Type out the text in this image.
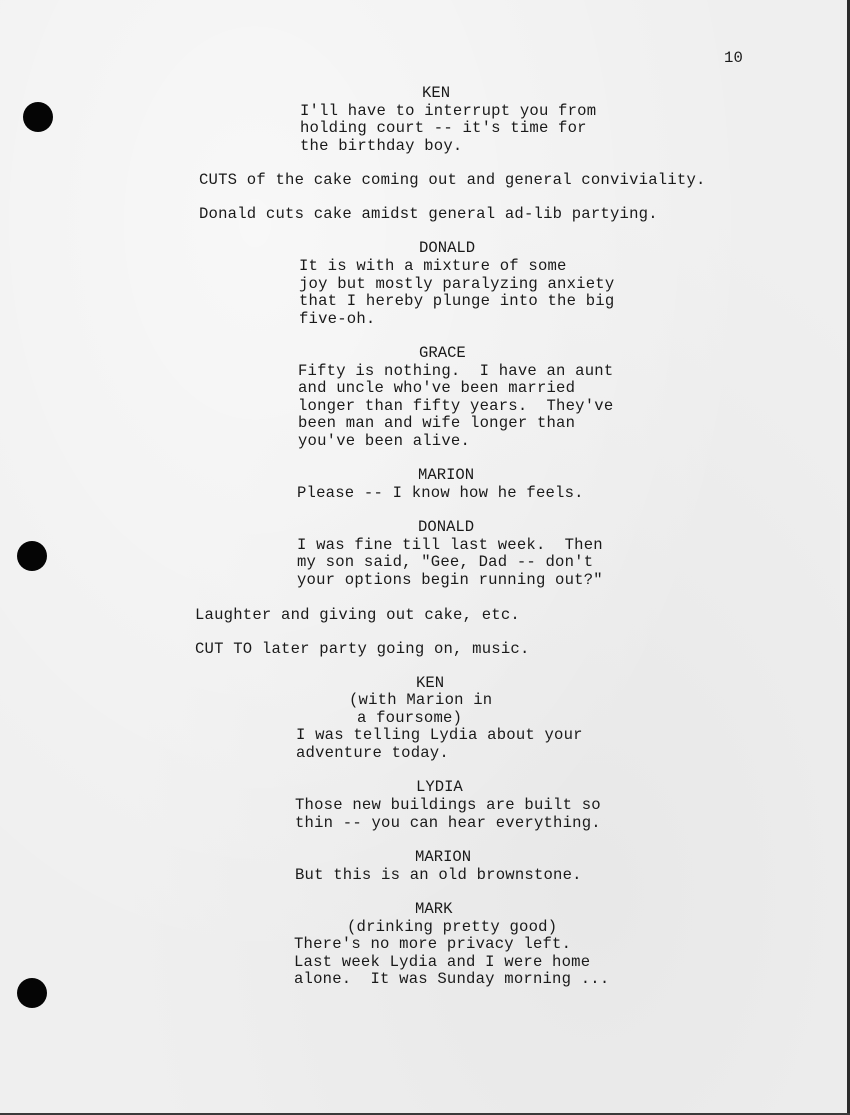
10
KEN
I'll have to interrupt you from
holding court -- it's time for
the birthday boy.
CUTS of the cake coming out and general conviviality.
Donald cuts cake amidst general ad-lib partying.
DONALD
It is with a mixture of some
joy but mostly paralyzing anxiety
that I hereby plunge into the big
five-oh.
GRACE
Fifty is nothing.  I have an aunt
and uncle who've been married
longer than fifty years.  They've
been man and wife longer than
you've been alive.
MARION
Please -- I know how he feels.
DONALD
I was fine till last week.  Then
my son said, "Gee, Dad -- don't
your options begin running out?"
Laughter and giving out cake, etc.
CUT TO later party going on, music.
KEN
(with Marion in
a foursome)
I was telling Lydia about your
adventure today.
LYDIA
Those new buildings are built so
thin -- you can hear everything.
MARION
But this is an old brownstone.
MARK
(drinking pretty good)
There's no more privacy left.
Last week Lydia and I were home
alone.  It was Sunday morning ...
